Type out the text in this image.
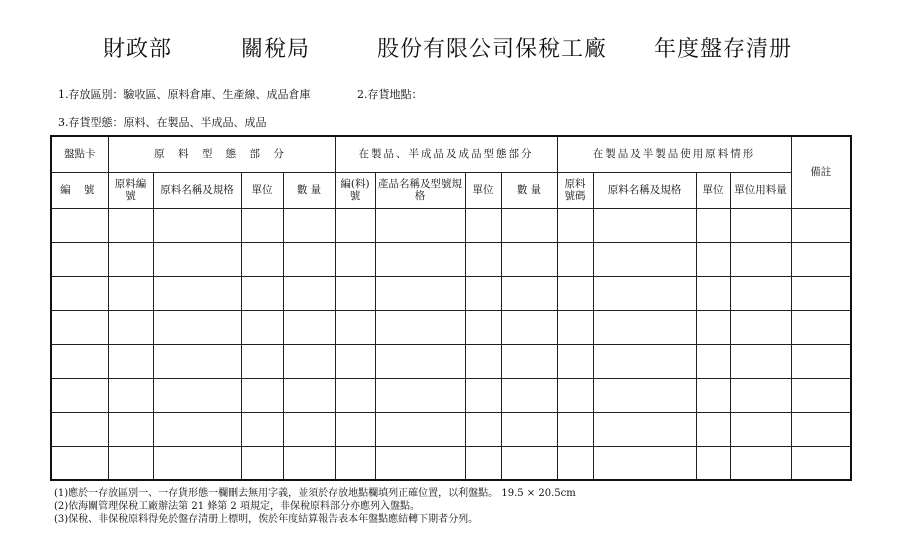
財政部	關稅局	股份有限公司保稅工廠 年度盤存清册
1.存放區別：驗收區、原料倉庫、生產線、成品倉庫	2.存貨地點：
3.存貨型態：原料、在製品、半成品、成品
盤點卡	原 料 型 態 部 分				在製品、半成品及成品型態部分				在製品及半製品使用原料情形				備註
編 號	原料編號	原料名稱及規格	單位	數 量	編(料)號	產品名稱及型號規格	單位	數 量	原料號碼	原料名稱及規格	單位	單位用料量	

(1)應於一存放區別一、一存貨形態一欄刪去無用字義，並須於存放地點欄填列正確位置，以利盤點。 19.5 × 20.5cm
(2)依海關管理保稅工廠辦法第 21 條第 2 項規定，非保稅原料部分亦應列入盤點。
(3)保稅、非保稅原料得免於盤存清册上標明，俟於年度結算報告表本年盤點應結轉下期者分列。
